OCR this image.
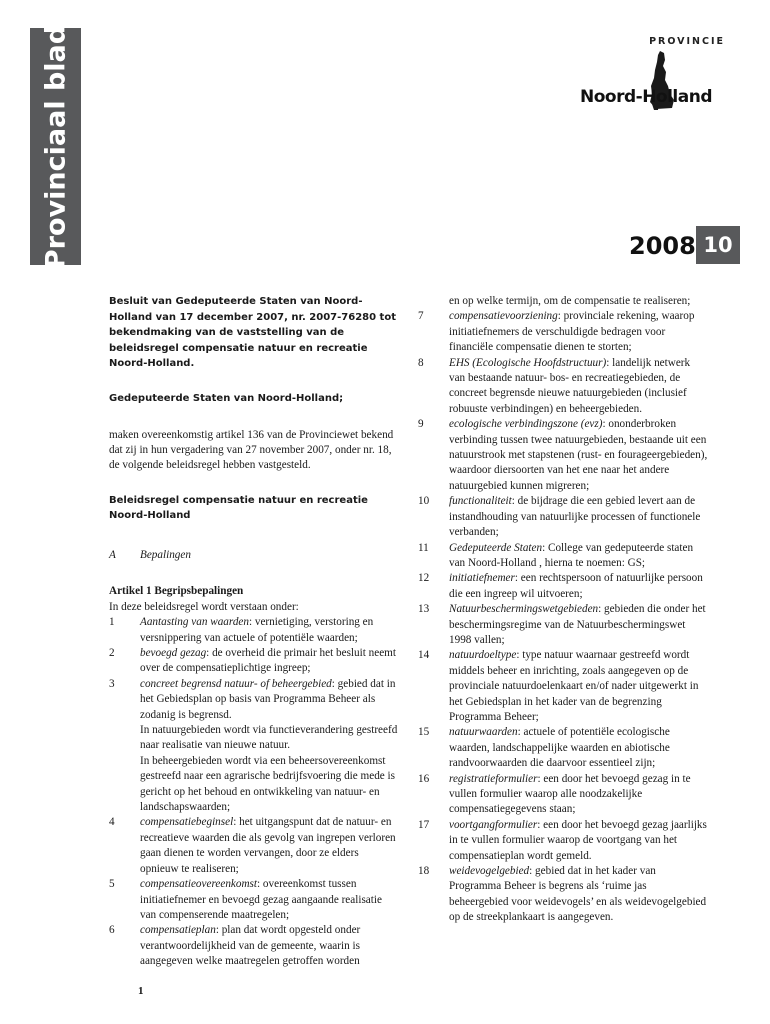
Provinciaal blad	PROVINCIE
Noord-Holland
2008 10
Besluit van Gedeputeerde Staten van Noord-Holland van 17 december 2007, nr. 2007-76280 tot bekendmaking van de vaststelling van de beleidsregel compensatie natuur en recreatie Noord-Holland.
Gedeputeerde Staten van Noord-Holland;
maken overeenkomstig artikel 136 van de Provinciewet bekend dat zij in hun vergadering van 27 november 2007, onder nr. 18, de volgende beleidsregel hebben vastgesteld.
Beleidsregel compensatie natuur en recreatie Noord-Holland
A	Bepalingen
Artikel 1 Begripsbepalingen
In deze beleidsregel wordt verstaan onder:
1	Aantasting van waarden: vernietiging, verstoring en versnippering van actuele of potentiële waarden;
2	bevoegd gezag: de overheid die primair het besluit neemt over de compensatieplichtige ingreep;
3	concreet begrensd natuur- of beheergebied: gebied dat in het Gebiedsplan op basis van Programma Beheer als zodanig is begrensd.
In natuurgebieden wordt via functieverandering gestreefd naar realisatie van nieuwe natuur.
In beheergebieden wordt via een beheersovereenkomst gestreefd naar een agrarische bedrijfsvoering die mede is gericht op het behoud en ontwikkeling van natuur- en landschapswaarden;
4	compensatiebeginsel: het uitgangspunt dat de natuur- en recreatieve waarden die als gevolg van ingrepen verloren gaan dienen te worden vervangen, door ze elders opnieuw te realiseren;
5	compensatieovereenkomst: overeenkomst tussen initiatiefnemer en bevoegd gezag aangaande realisatie van compenserende maatregelen;
6	compensatieplan: plan dat wordt opgesteld onder verantwoordelijkheid van de gemeente, waarin is aangegeven welke maatregelen getroffen worden
en op welke termijn, om de compensatie te realiseren;
7	compensatievoorziening: provinciale rekening, waarop initiatiefnemers de verschuldigde bedragen voor financiële compensatie dienen te storten;
8	EHS (Ecologische Hoofdstructuur): landelijk netwerk van bestaande natuur- bos- en recreatiegebieden, de concreet begrensde nieuwe natuurgebieden (inclusief robuuste verbindingen) en beheergebieden.
9	ecologische verbindingszone (evz): ononderbroken verbinding tussen twee natuurgebieden, bestaande uit een natuurstrook met stapstenen (rust- en fourageergebieden), waardoor diersoorten van het ene naar het andere natuurgebied kunnen migreren;
10	functionaliteit: de bijdrage die een gebied levert aan de instandhouding van natuurlijke processen of functionele verbanden;
11	Gedeputeerde Staten: College van gedeputeerde staten van Noord-Holland , hierna te noemen: GS;
12	initiatiefnemer: een rechtspersoon of natuurlijke persoon die een ingreep wil uitvoeren;
13	Natuurbeschermingswetgebieden: gebieden die onder het beschermingsregime van de Natuurbeschermingswet 1998 vallen;
14	natuurdoeltype: type natuur waarnaar gestreefd wordt middels beheer en inrichting, zoals aangegeven op de provinciale natuurdoelenkaart en/of nader uitgewerkt in het Gebiedsplan in het kader van de begrenzing Programma Beheer;
15	natuurwaarden: actuele of potentiële ecologische waarden, landschappelijke waarden en abiotische randvoorwaarden die daarvoor essentieel zijn;
16	registratieformulier: een door het bevoegd gezag in te vullen formulier waarop alle noodzakelijke compensatiegegevens staan;
17	voortgangformulier: een door het bevoegd gezag jaarlijks in te vullen formulier waarop de voortgang van het compensatieplan wordt gemeld.
18	weidevogelgebied: gebied dat in het kader van Programma Beheer is begrens als ‘ruime jas beheergebied voor weidevogels’ en als weidevogelgebied op de streekplankaart is aangegeven.
1
